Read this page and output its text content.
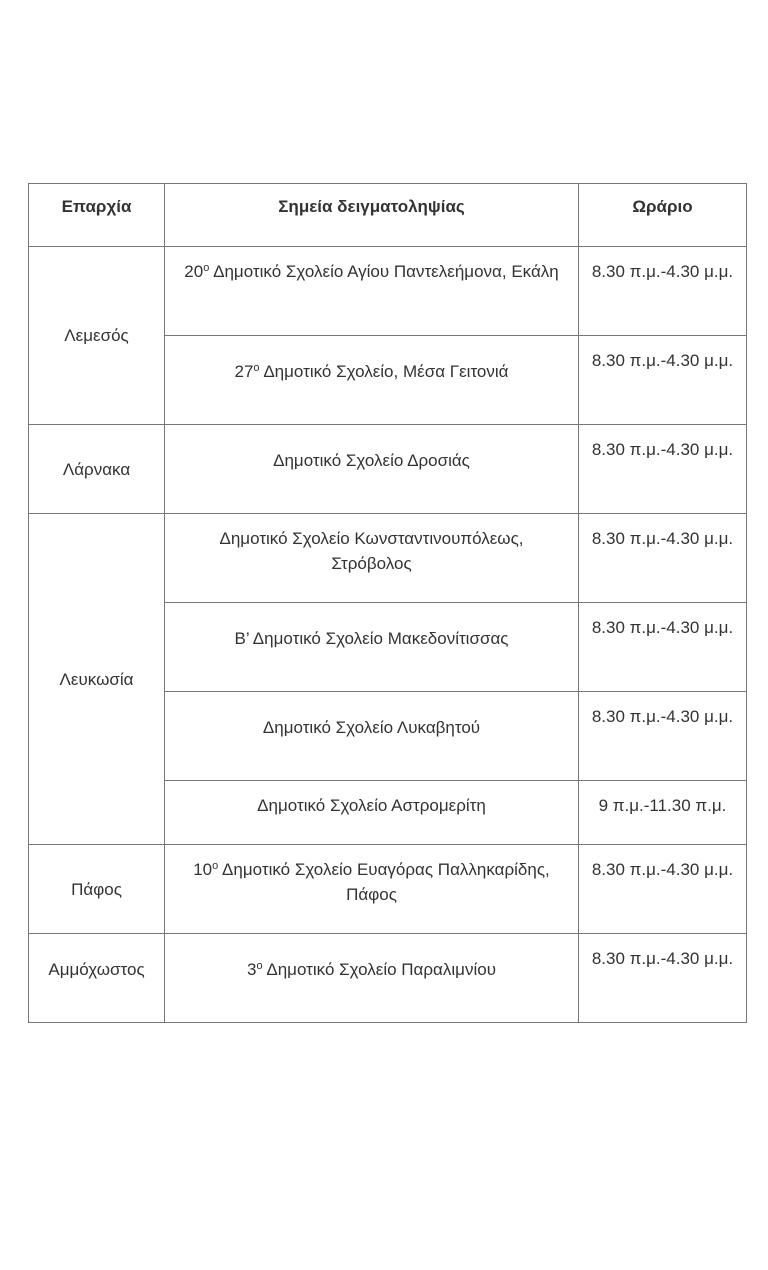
Επαρχία	Σημεία δειγματοληψίας	Ωράριο
Λεμεσός	$20^o$ Δημοτικό Σχολείο Αγίου Παντελεήμονα, Εκάλη	8.30 π.μ.-4.30 μ.μ.
	$27^o$ Δημοτικό Σχολείο, Μέσα Γειτονιά	8.30 π.μ.-4.30 μ.μ.
Λάρνακα	Δημοτικό Σχολείο Δροσιάς	8.30 π.μ.-4.30 μ.μ.
Λευκωσία	Δημοτικό Σχολείο Κωνσταντινουπόλεως, Στρόβολος	8.30 π.μ.-4.30 μ.μ.
	Β’ Δημοτικό Σχολείο Μακεδονίτισσας	8.30 π.μ.-4.30 μ.μ.
	Δημοτικό Σχολείο Λυκαβητού	8.30 π.μ.-4.30 μ.μ.
	Δημοτικό Σχολείο Αστρομερίτη	9 π.μ.-11.30 π.μ.
Πάφος	$10^o$ Δημοτικό Σχολείο Ευαγόρας Παλληκαρίδης, Πάφος	8.30 π.μ.-4.30 μ.μ.
Αμμόχωστος	$3^o$ Δημοτικό Σχολείο Παραλιμνίου	8.30 π.μ.-4.30 μ.μ.
